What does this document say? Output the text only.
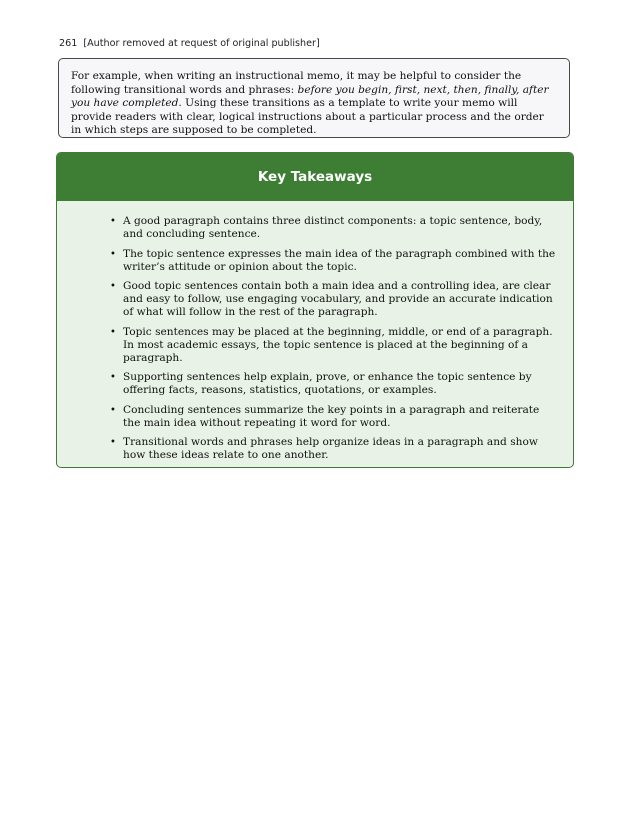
261 [Author removed at request of original publisher]

For example, when writing an instructional memo, it may be helpful to consider the following transitional words and phrases: before you begin, first, next, then, finally, after you have completed. Using these transitions as a template to write your memo will provide readers with clear, logical instructions about a particular process and the order in which steps are supposed to be completed.

Key Takeaways
• A good paragraph contains three distinct components: a topic sentence, body, and concluding sentence.
• The topic sentence expresses the main idea of the paragraph combined with the writer’s attitude or opinion about the topic.
• Good topic sentences contain both a main idea and a controlling idea, are clear and easy to follow, use engaging vocabulary, and provide an accurate indication of what will follow in the rest of the paragraph.
• Topic sentences may be placed at the beginning, middle, or end of a paragraph. In most academic essays, the topic sentence is placed at the beginning of a paragraph.
• Supporting sentences help explain, prove, or enhance the topic sentence by offering facts, reasons, statistics, quotations, or examples.
• Concluding sentences summarize the key points in a paragraph and reiterate the main idea without repeating it word for word.
• Transitional words and phrases help organize ideas in a paragraph and show how these ideas relate to one another.
